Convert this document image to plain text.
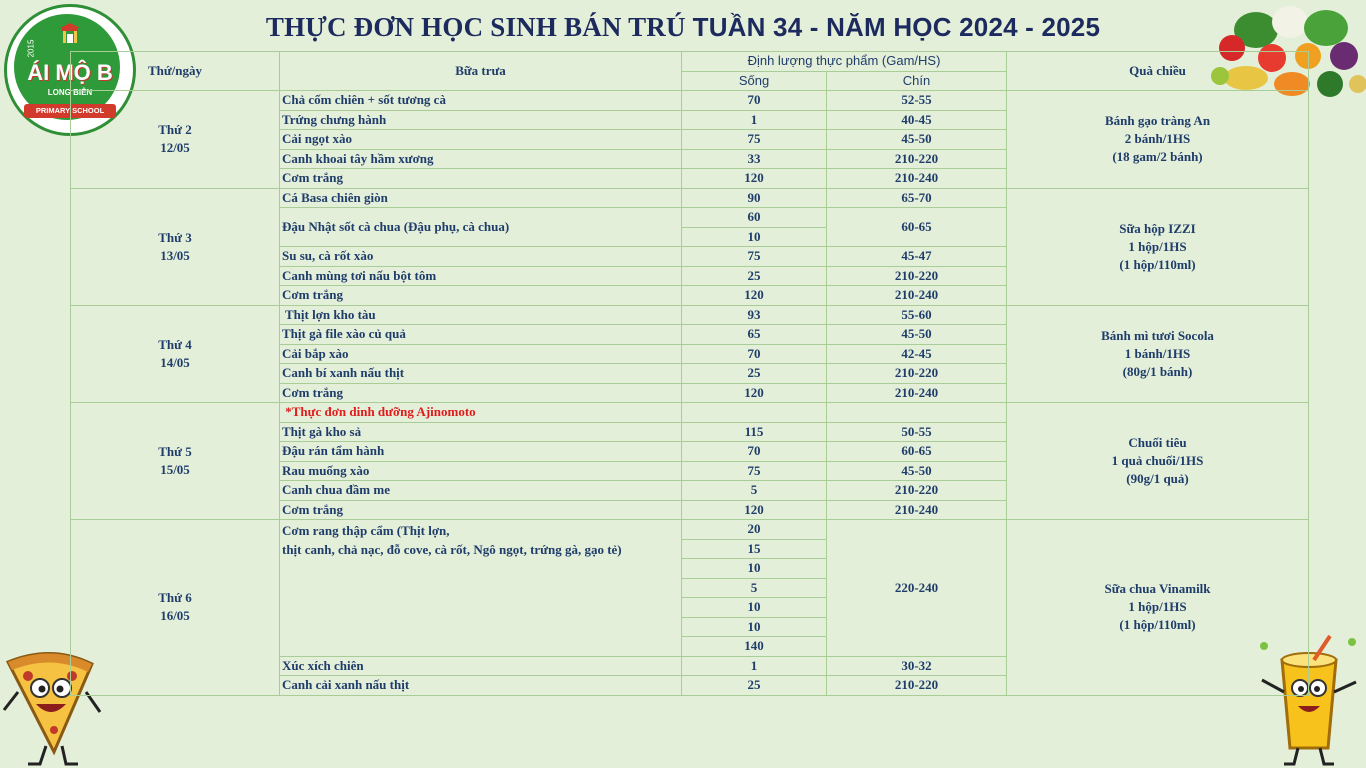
THỰC ĐƠN HỌC SINH BÁN TRÚ TUẦN 34 - NĂM HỌC 2024 - 2025
2015
ÁI MỘ B
LONG BIÊN
PRIMARY SCHOOL
Thứ/ngày	Bữa trưa	Định lượng thực phẩm (Gam/HS)		Quà chiều
		Sống	Chín	
Thứ 2
12/05	Chả cốm chiên + sốt tương cà	70	52-55	Bánh gạo tràng An
2 bánh/1HS
(18 gam/2 bánh)
	Trứng chưng hành	1	40-45	
	Cải ngọt xào	75	45-50	
	Canh khoai tây hầm xương	33	210-220	
	Cơm trắng	120	210-240	
Thứ 3
13/05	Cá Basa chiên giòn	90	65-70	Sữa hộp IZZI
1 hộp/1HS
(1 hộp/110ml)
	Đậu Nhật sốt cà chua (Đậu phụ, cà chua)	60	60-65	
		10		
	Su su, cà rốt xào	75	45-47	
	Canh mùng tơi nấu bột tôm	25	210-220	
	Cơm trắng	120	210-240	
Thứ 4
14/05	Thịt lợn kho tàu	93	55-60	Bánh mì tươi Socola
1 bánh/1HS
(80g/1 bánh)
	Thịt gà file xào củ quả	65	45-50	
	Cải bắp xào	70	42-45	
	Canh bí xanh nấu thịt	25	210-220	
	Cơm trắng	120	210-240	
Thứ 5
15/05	*Thực đơn dinh dưỡng Ajinomoto			Chuối tiêu
1 quả chuối/1HS
(90g/1 quả)
	Thịt gà kho sả	115	50-55	
	Đậu rán tẩm hành	70	60-65	
	Rau muống xào	75	45-50	
	Canh chua đầm me	5	210-220	
	Cơm trắng	120	210-240	
Thứ 6
16/05	Cơm rang thập cẩm (Thịt lợn,
thịt canh, chả nạc, đỗ cove, cà rốt, Ngô ngọt, trứng gà, gạo tẻ)	20	220-240	Sữa chua Vinamilk
1 hộp/1HS
(1 hộp/110ml)
		15		
		10		
		5		
		10		
		10		
		140		
	Xúc xích chiên	1	30-32	
	Canh cải xanh nấu thịt	25	210-220	
